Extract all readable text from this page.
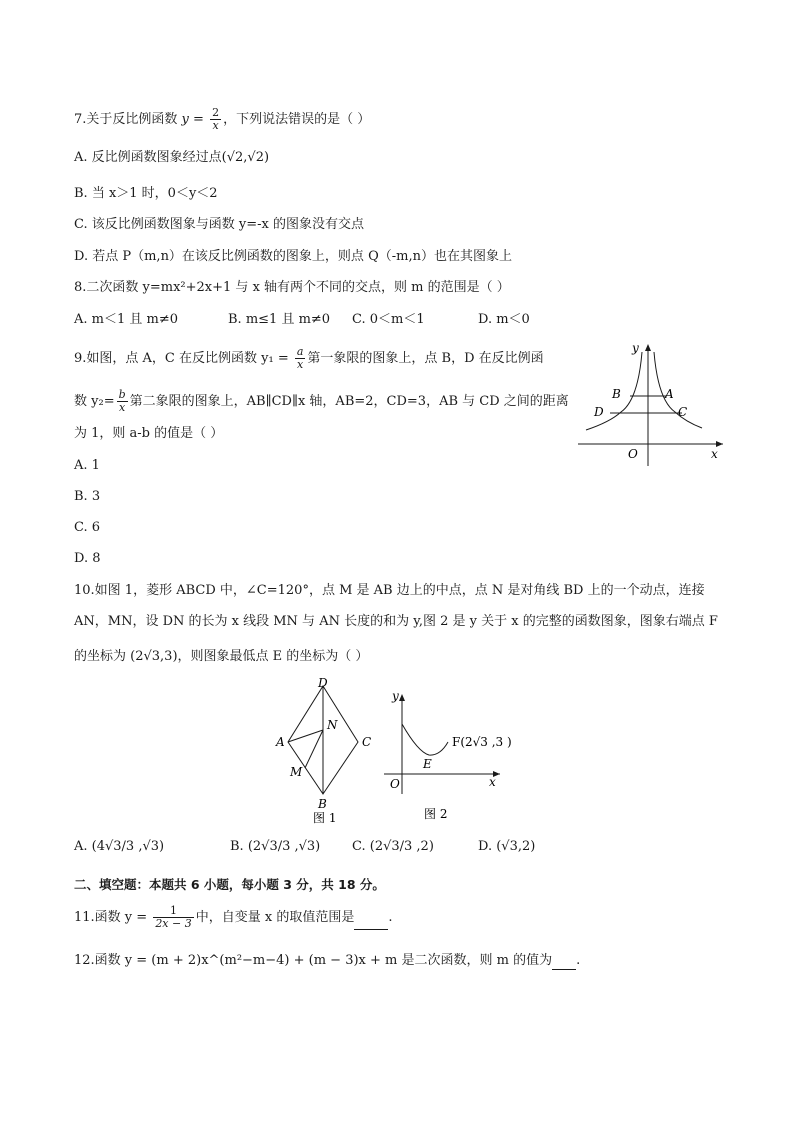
7.关于反比例函数 $y = \frac{2}{x}$ ，下列说法错误的是（ ）
A. 反比例函数图象经过点(√2,√2)
B. 当 x＞1 时，0＜y＜2
C. 该反比例函数图象与函数 y=-x 的图象没有交点
D. 若点 P（m,n）在该反比例函数的图象上，则点 Q（-m,n）也在其图象上
8.二次函数 y=mx²+2x+1 与 x 轴有两个不同的交点，则 m 的范围是（ ）
A. m＜1 且 m≠0	B. m≤1 且 m≠0 C. 0＜m＜1	D. m＜0
9.如图，点 A，C 在反比例函数 $y_1 = \frac{a}{x}$ 第一象限的图象上，点 B，D 在反比例函
数 $y_2= \frac{b}{x}$ 第二象限的图象上，AB∥CD∥x 轴，AB=2，CD=3，AB 与 CD 之间的距离
为 1，则 a-b 的值是（ ）
A. 1
B. 3
C. 6
D. 8
y
x
O
A
B
C
D
10.如图 1，菱形 ABCD 中，∠C=120°，点 M 是 AB 边上的中点，点 N 是对角线 BD 上的一个动点，连接
AN，MN，设 DN 的长为 x 线段 MN 与 AN 长度的和为 y,图 2 是 y 关于 x 的完整的函数图象，图象右端点 F
的坐标为 (2√3,3)，则图象最低点 E 的坐标为（ ）
D
N
A	C
M
B
图 1
y
x
O
E
F(2√3 ,3 )
图 2
A. (4√3/3 ,√3)	B. (2√3/3 ,√3) C. (2√3/3 ,2)	D. (√3,2)
二、填空题：本题共 6 小题，每小题 3 分，共 18 分。
11.函数 $y = \frac{1}{2x - 3}$ 中，自变量 x 的取值范围是	.
12.函数 y = (m + 2)x^(m²−m−4) + (m − 3)x + m 是二次函数，则 m 的值为 .
